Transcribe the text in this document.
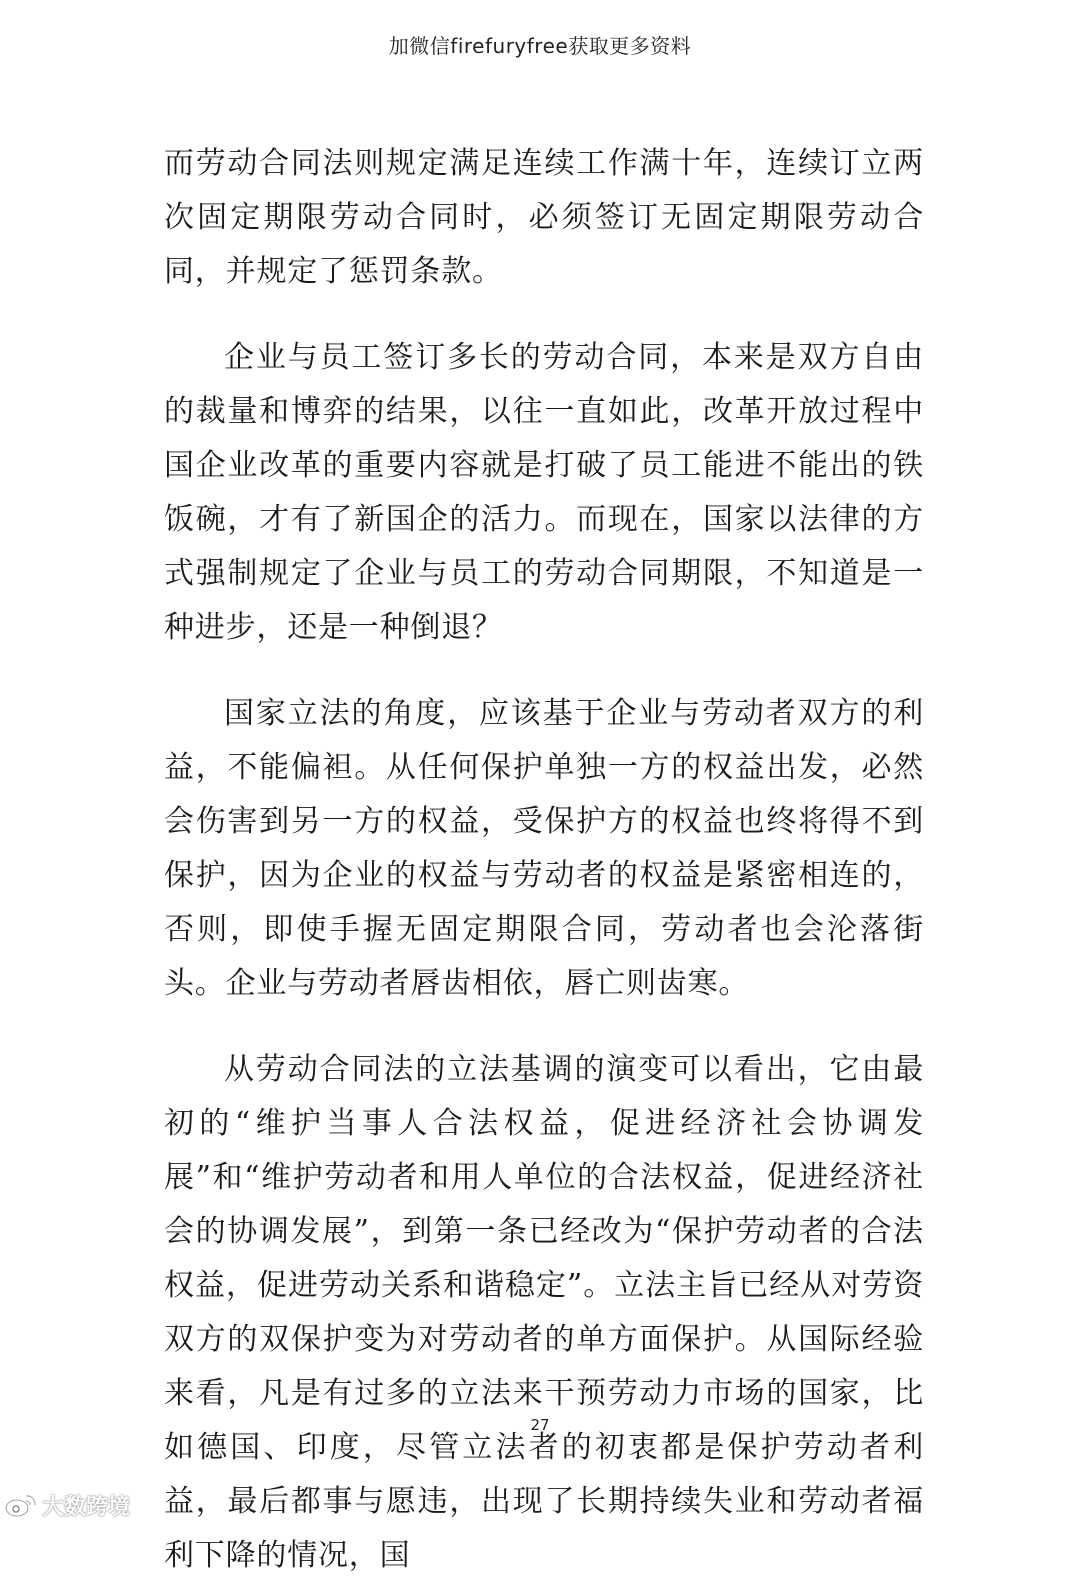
加微信firefuryfree获取更多资料

而劳动合同法则规定满足连续工作满十年，连续订立两次固定期限劳动合同时，必须签订无固定期限劳动合同，并规定了惩罚条款。

企业与员工签订多长的劳动合同，本来是双方自由的裁量和博弈的结果，以往一直如此，改革开放过程中国企业改革的重要内容就是打破了员工能进不能出的铁饭碗，才有了新国企的活力。而现在，国家以法律的方式强制规定了企业与员工的劳动合同期限，不知道是一种进步，还是一种倒退？

国家立法的角度，应该基于企业与劳动者双方的利益，不能偏袒。从任何保护单独一方的权益出发，必然会伤害到另一方的权益，受保护方的权益也终将得不到保护，因为企业的权益与劳动者的权益是紧密相连的，否则，即使手握无固定期限合同，劳动者也会沦落街头。企业与劳动者唇齿相依，唇亡则齿寒。

从劳动合同法的立法基调的演变可以看出，它由最初的“维护当事人合法权益，促进经济社会协调发展”和“维护劳动者和用人单位的合法权益，促进经济社会的协调发展”，到第一条已经改为“保护劳动者的合法权益，促进劳动关系和谐稳定”。立法主旨已经从对劳资双方的双保护变为对劳动者的单方面保护。从国际经验来看，凡是有过多的立法来干预劳动力市场的国家，比如德国、印度，尽管立法者的初衷都是保护劳动者利益，最后都事与愿违，出现了长期持续失业和劳动者福利下降的情况，国

27
大数跨境
